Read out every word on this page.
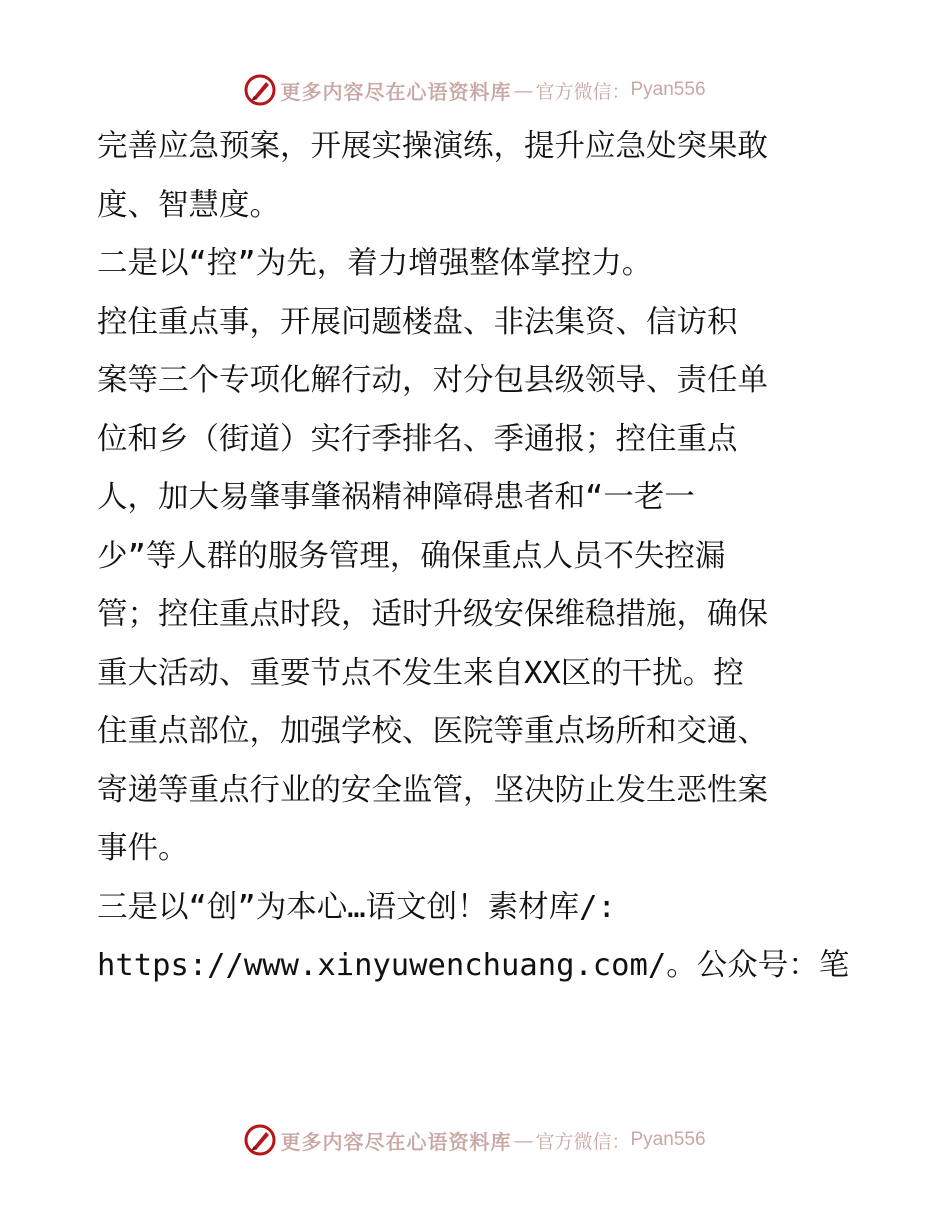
更多内容尽在心语资料库 — 官方微信： Pyan556
完善应急预案，开展实操演练，提升应急处突果敢
度、智慧度。
二是以“控”为先，着力增强整体掌控力。
控住重点事，开展问题楼盘、非法集资、信访积
案等三个专项化解行动，对分包县级领导、责任单
位和乡（街道）实行季排名、季通报；控住重点
人，加大易肇事肇祸精神障碍患者和“一老一
少”等人群的服务管理，确保重点人员不失控漏
管；控住重点时段，适时升级安保维稳措施，确保
重大活动、重要节点不发生来自XX区的干扰。控
住重点部位，加强学校、医院等重点场所和交通、
寄递等重点行业的安全监管，坚决防止发生恶性案
事件。
三是以“创”为本心…语文创！素材库/:
https://www.xinyuwenchuang.com/。公众号：笔
更多内容尽在心语资料库 — 官方微信： Pyan556
